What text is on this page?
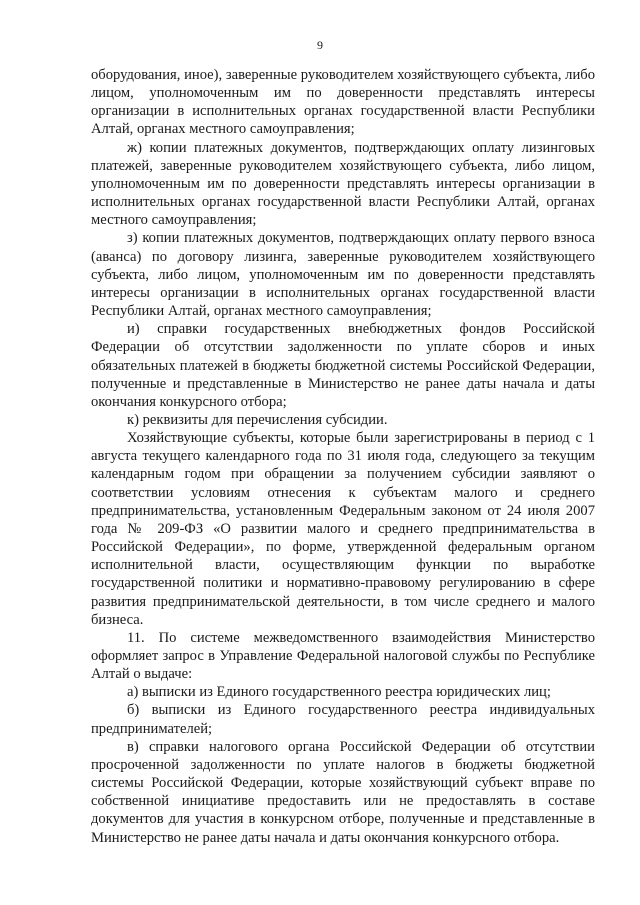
9

оборудования, иное), заверенные руководителем хозяйствующего субъекта, либо лицом, уполномоченным им по доверенности представлять интересы организации в исполнительных органах государственной власти Республики Алтай, органах местного самоуправления;

ж) копии платежных документов, подтверждающих оплату лизинговых платежей, заверенные руководителем хозяйствующего субъекта, либо лицом, уполномоченным им по доверенности представлять интересы организации в исполнительных органах государственной власти Республики Алтай, органах местного самоуправления;

з) копии платежных документов, подтверждающих оплату первого взноса (аванса) по договору лизинга, заверенные руководителем хозяйствующего субъекта, либо лицом, уполномоченным им по доверенности представлять интересы организации в исполнительных органах государственной власти Республики Алтай, органах местного самоуправления;

и) справки государственных внебюджетных фондов Российской Федерации об отсутствии задолженности по уплате сборов и иных обязательных платежей в бюджеты бюджетной системы Российской Федерации, полученные и представленные в Министерство не ранее даты начала и даты окончания конкурсного отбора;

к) реквизиты для перечисления субсидии.

Хозяйствующие субъекты, которые были зарегистрированы в период с 1 августа текущего календарного года по 31 июля года, следующего за текущим календарным годом при обращении за получением субсидии заявляют о соответствии условиям отнесения к субъектам малого и среднего предпринимательства, установленным Федеральным законом от 24 июля 2007 года № 209-ФЗ «О развитии малого и среднего предпринимательства в Российской Федерации», по форме, утвержденной федеральным органом исполнительной власти, осуществляющим функции по выработке государственной политики и нормативно-правовому регулированию в сфере развития предпринимательской деятельности, в том числе среднего и малого бизнеса.

11. По системе межведомственного взаимодействия Министерство оформляет запрос в Управление Федеральной налоговой службы по Республике Алтай о выдаче:

а) выписки из Единого государственного реестра юридических лиц;

б) выписки из Единого государственного реестра индивидуальных предпринимателей;

в) справки налогового органа Российской Федерации об отсутствии просроченной задолженности по уплате налогов в бюджеты бюджетной системы Российской Федерации, которые хозяйствующий субъект вправе по собственной инициативе предоставить или не предоставлять в составе документов для участия в конкурсном отборе, полученные и представленные в Министерство не ранее даты начала и даты окончания конкурсного отбора.
